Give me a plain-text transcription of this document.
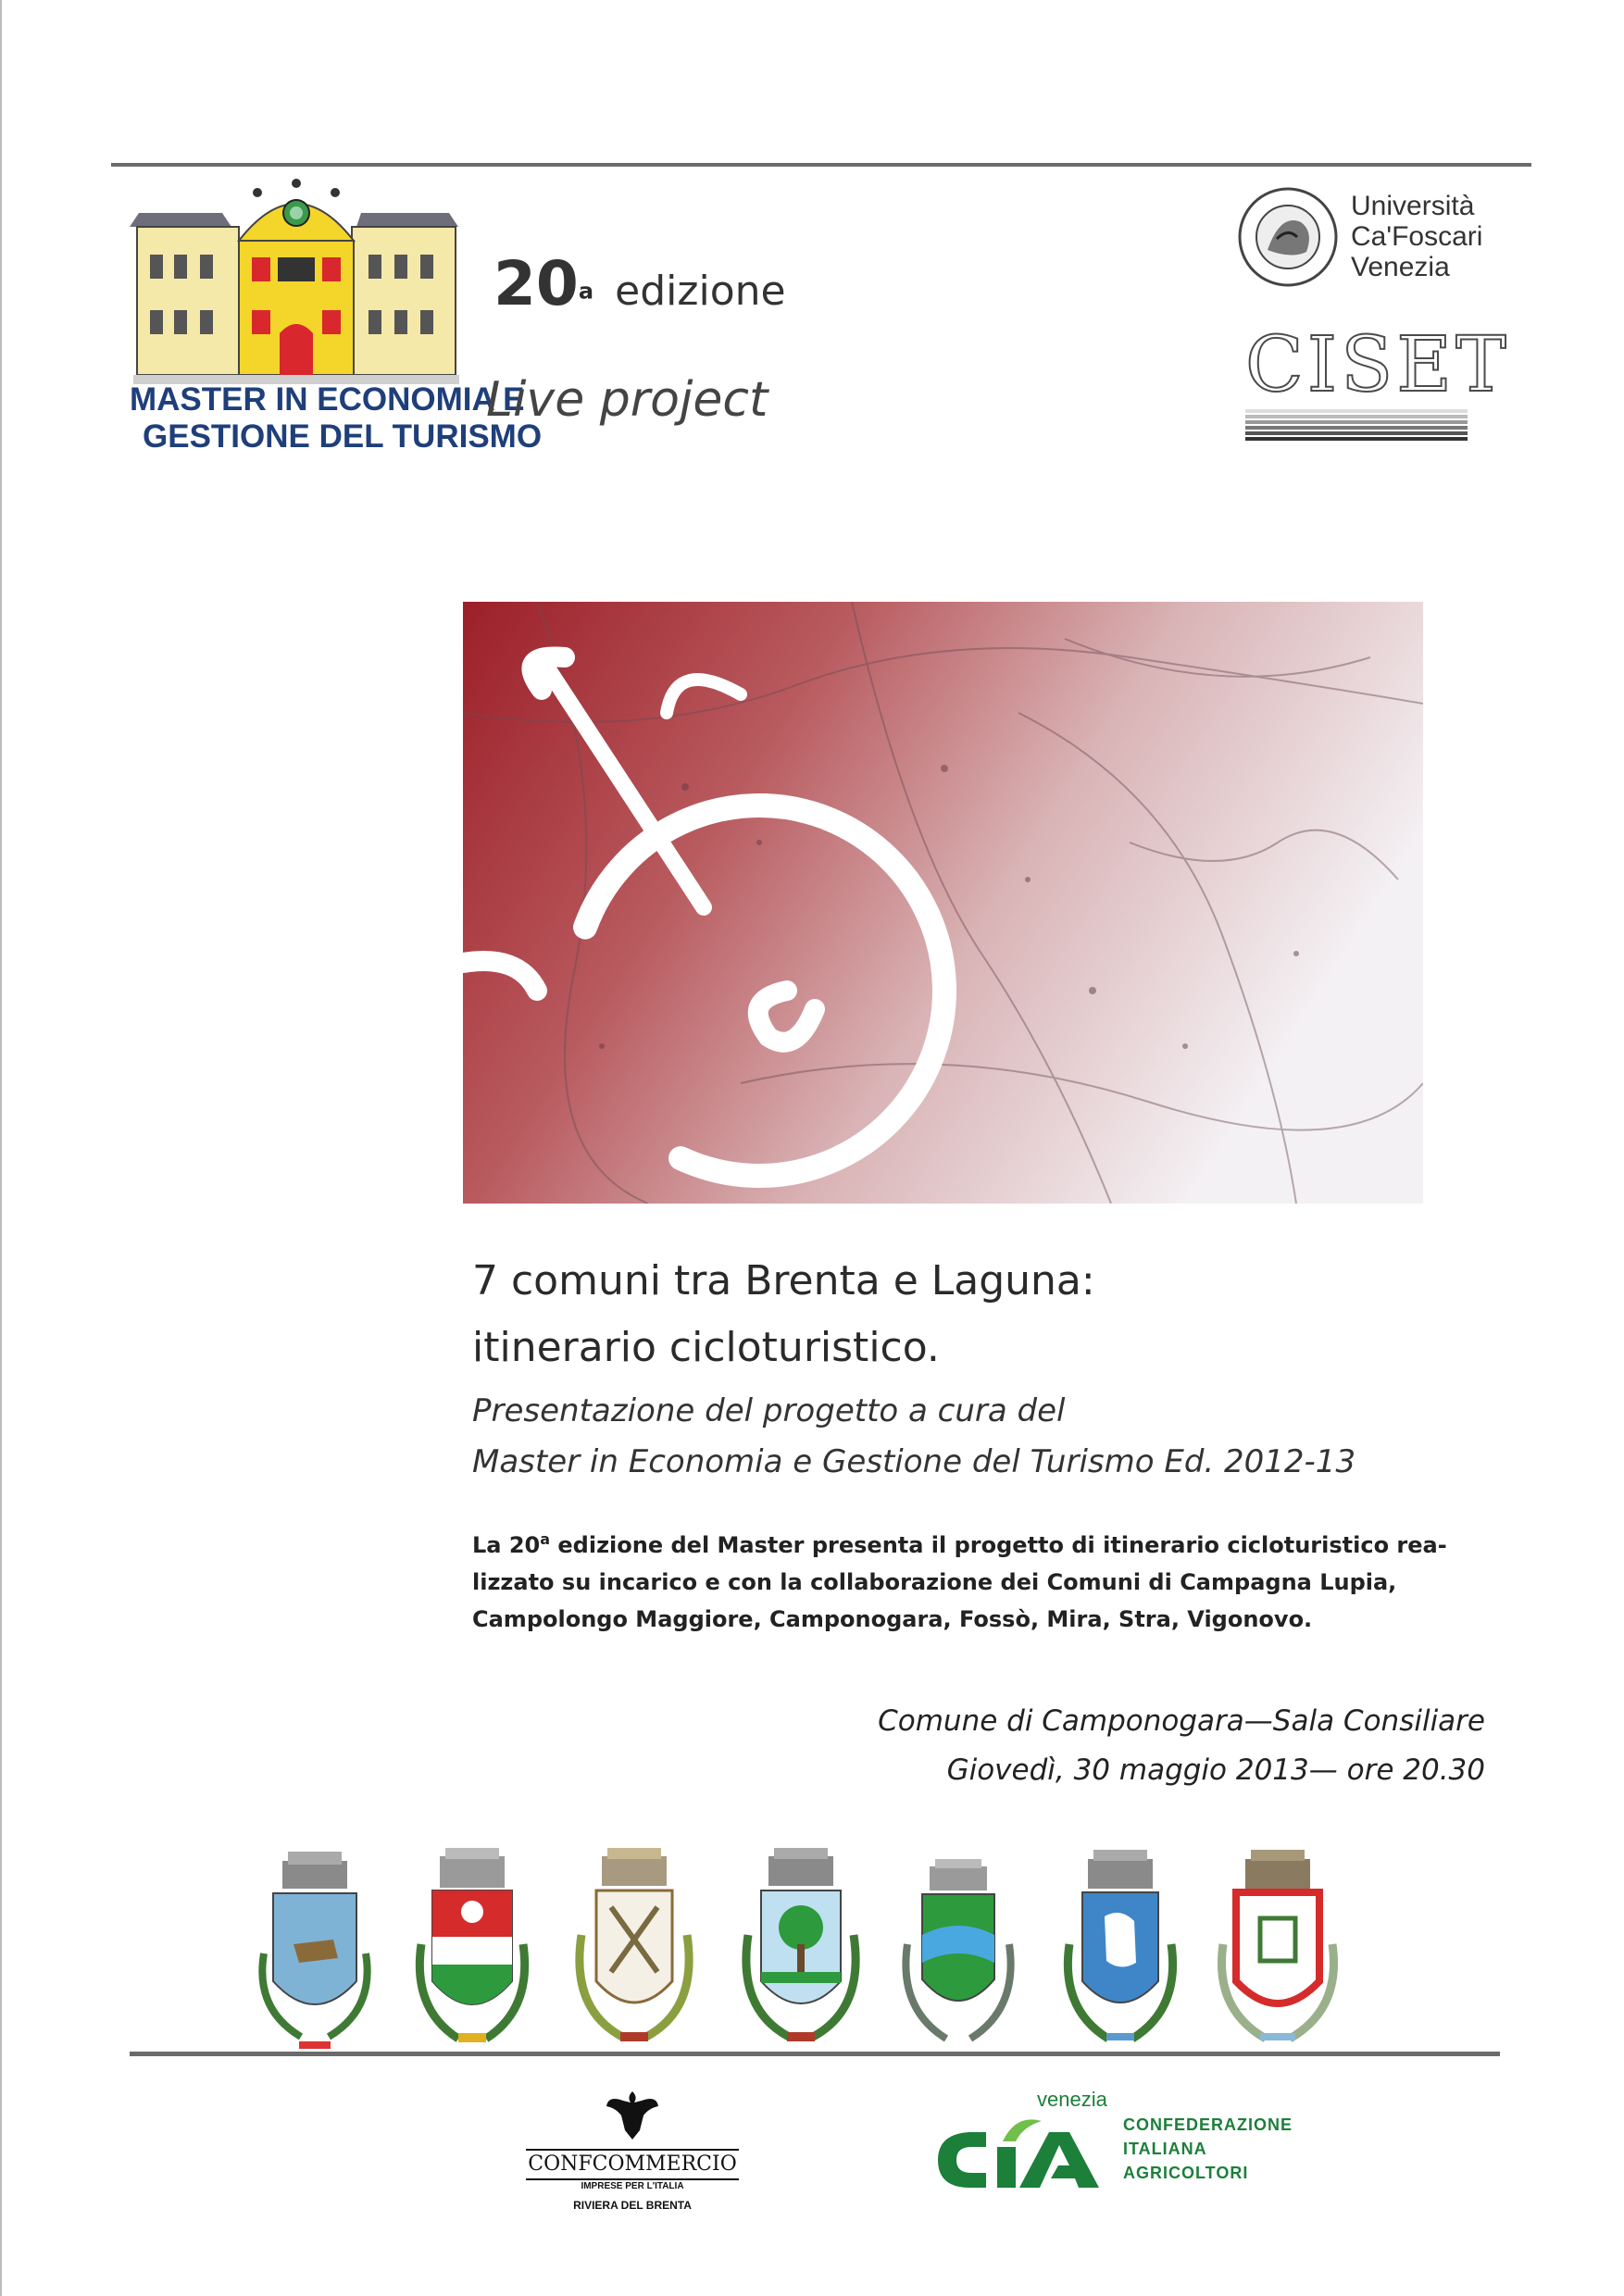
MASTER IN ECONOMIA E
GESTIONE DEL TURISMO
20a edizione
Live project
Università
Ca'Foscari
Venezia
CISET
7 comuni tra Brenta e Laguna:
itinerario cicloturistico.
Presentazione del progetto a cura del
Master in Economia e Gestione del Turismo Ed. 2012-13
La 20$^a$ edizione del Master presenta il progetto di itinerario cicloturistico rea-
lizzato su incarico e con la collaborazione dei Comuni di Campagna Lupia,
Campolongo Maggiore, Camponogara, Fossò, Mira, Stra, Vigonovo.
Comune di Camponogara—Sala Consiliare
Giovedì, 30 maggio 2013— ore 20.30
CONFCOMMERCIO
IMPRESE PER L'ITALIA
RIVIERA DEL BRENTA
venezia
CONFEDERAZIONE
ITALIANA
AGRICOLTORI
